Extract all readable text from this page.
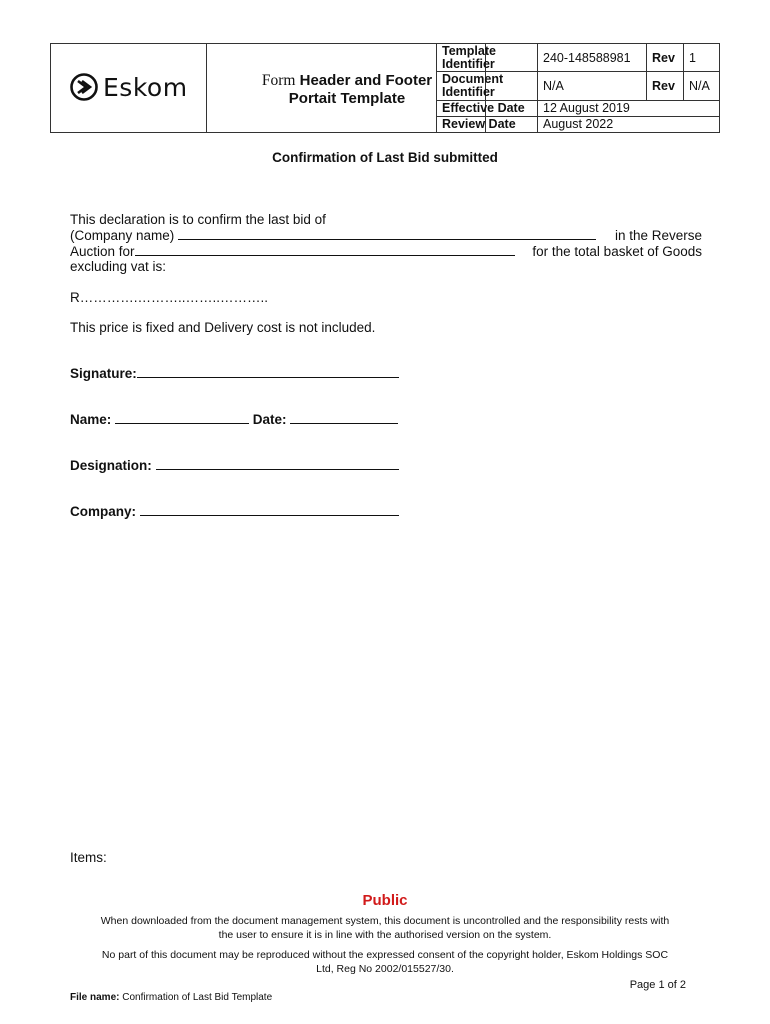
Eskom	Form Header and Footer
Portait Template
Template Identifier	240-148588981	Rev	1
Document Identifier	N/A	Rev	N/A
Effective Date	12 August 2019
Review Date	August 2022
Confirmation of Last Bid submitted
This declaration is to confirm the last bid of
(Company name)	in the Reverse
Auction for	for the total basket of Goods
excluding vat is:
R………….………..……..………..
This price is fixed and Delivery cost is not included.
Signature:
Name:	Date:
Designation:
Company:
Items:
Public
When downloaded from the document management system, this document is uncontrolled and the responsibility rests with
the user to ensure it is in line with the authorised version on the system.
No part of this document may be reproduced without the expressed consent of the copyright holder, Eskom Holdings SOC
Ltd, Reg No 2002/015527/30.
Page 1 of 2
File name: Confirmation of Last Bid Template
